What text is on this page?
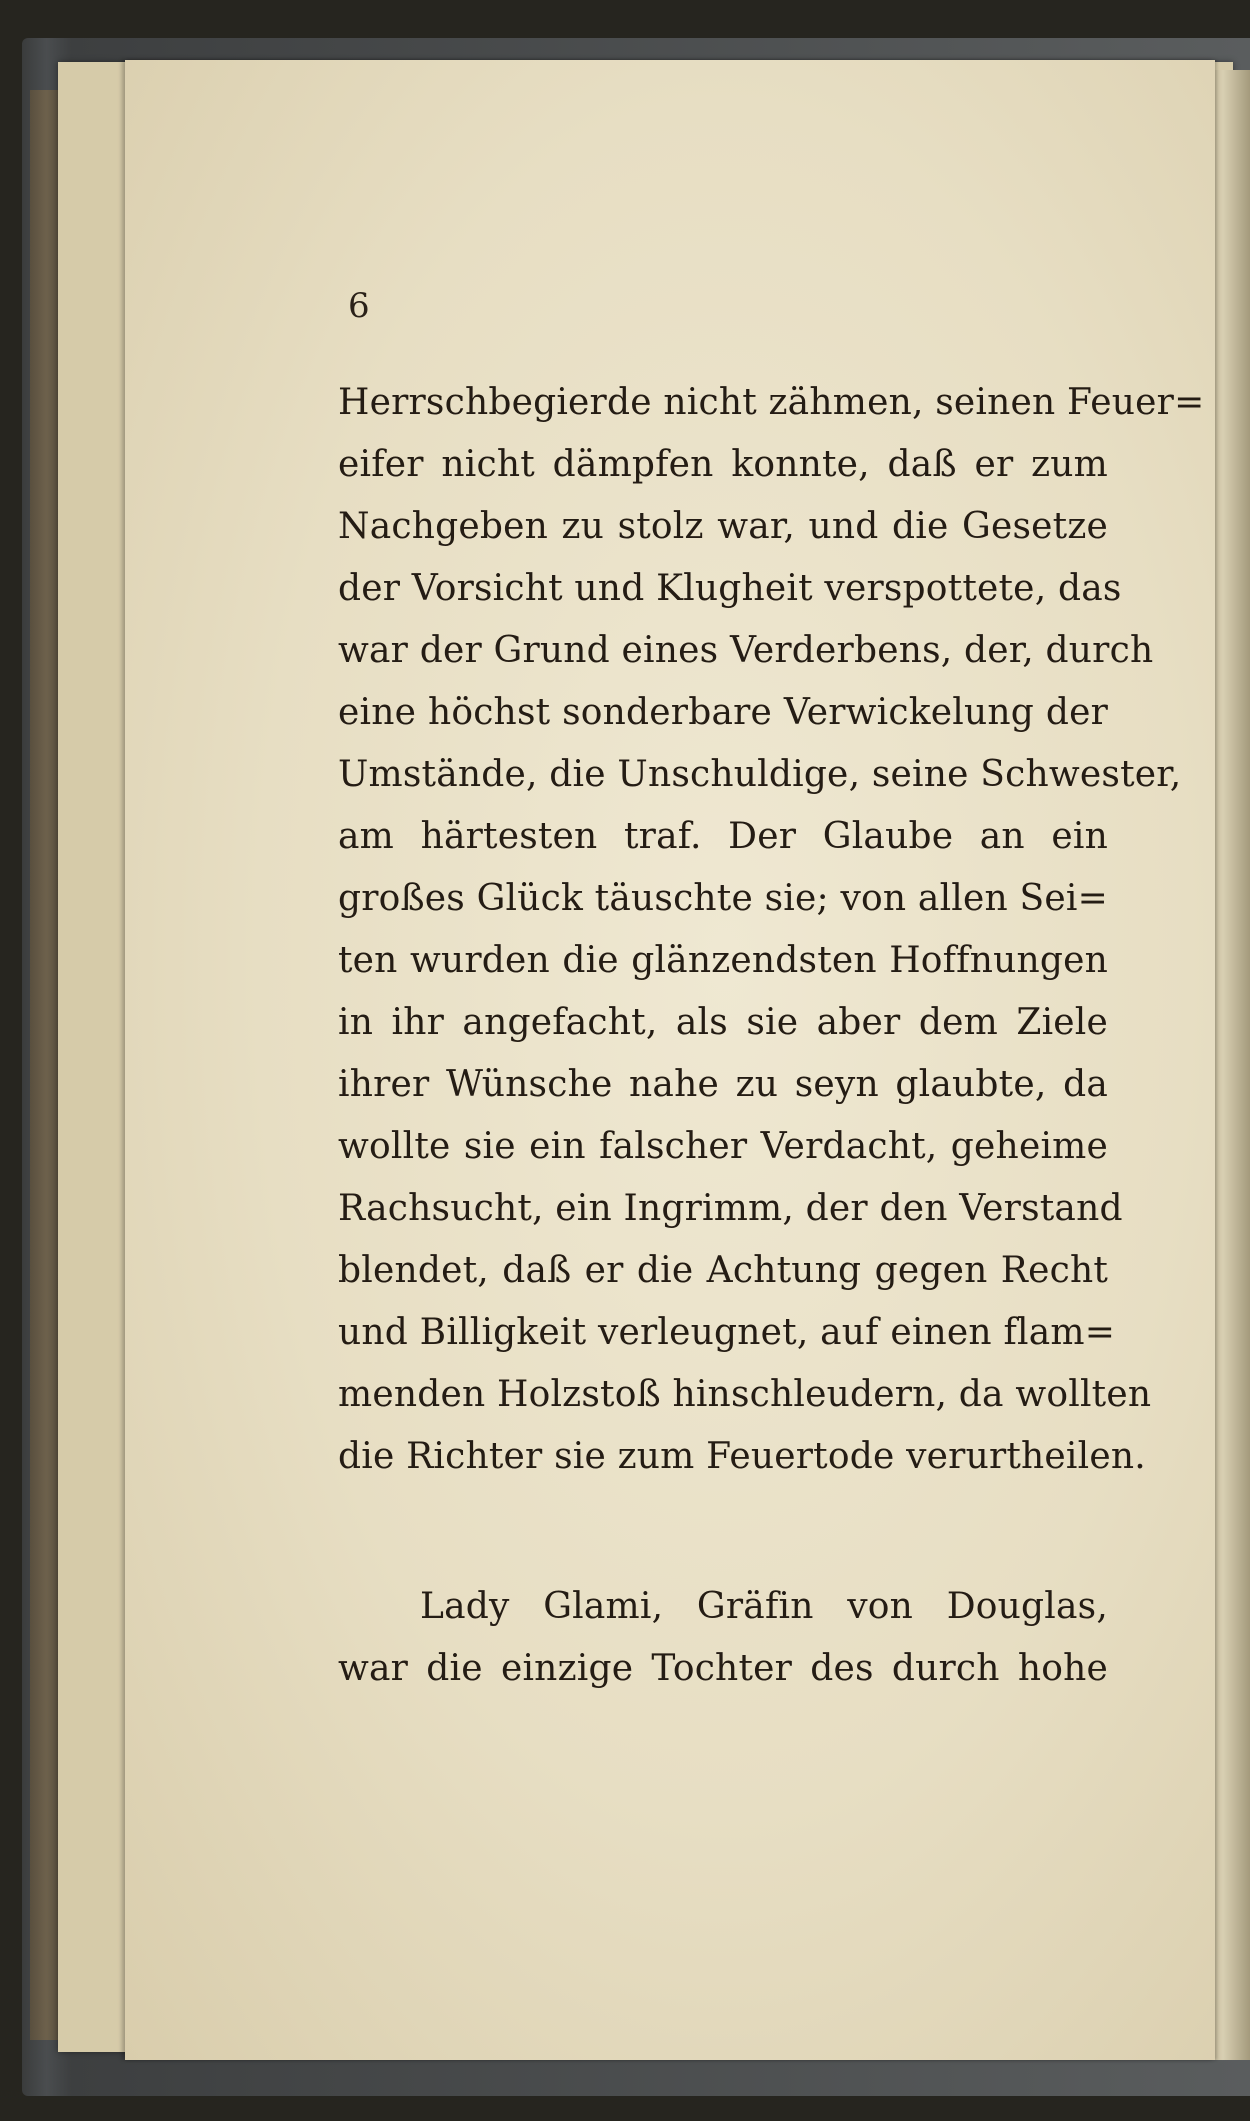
6

Herrschbegierde nicht zähmen, seinen Feuer=
eifer nicht dämpfen konnte, daß er zum
Nachgeben zu stolz war, und die Gesetze
der Vorsicht und Klugheit verspottete, das
war der Grund eines Verderbens, der, durch
eine höchst sonderbare Verwickelung der
Umstände, die Unschuldige, seine Schwester,
am härtesten traf. Der Glaube an ein
großes Glück täuschte sie; von allen Sei=
ten wurden die glänzendsten Hoffnungen
in ihr angefacht, als sie aber dem Ziele
ihrer Wünsche nahe zu seyn glaubte, da
wollte sie ein falscher Verdacht, geheime
Rachsucht, ein Ingrimm, der den Verstand
blendet, daß er die Achtung gegen Recht
und Billigkeit verleugnet, auf einen flam=
menden Holzstoß hinschleudern, da wollten
die Richter sie zum Feuertode verurtheilen.
Lady Glami, Gräfin von Douglas,
war die einzige Tochter des durch hohe
